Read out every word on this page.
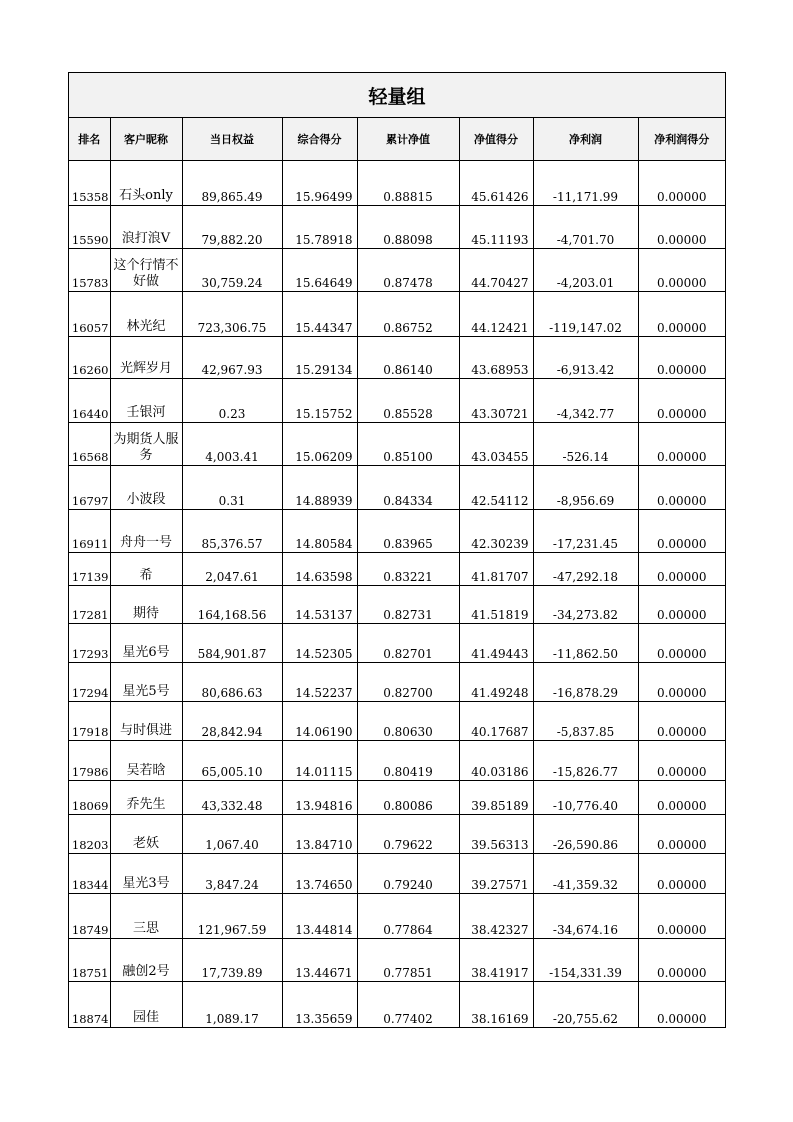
轻量组
排名	客户昵称	当日权益	综合得分	累计净值	净值得分	净利润	净利润得分
15358	石头only	89,865.49	15.96499	0.88815	45.61426	-11,171.99	0.00000
15590	浪打浪V	79,882.20	15.78918	0.88098	45.11193	-4,701.70	0.00000
15783	这个行情不好做	30,759.24	15.64649	0.87478	44.70427	-4,203.01	0.00000
16057	林光纪	723,306.75	15.44347	0.86752	44.12421	-119,147.02	0.00000
16260	光辉岁月	42,967.93	15.29134	0.86140	43.68953	-6,913.42	0.00000
16440	壬银河	0.23	15.15752	0.85528	43.30721	-4,342.77	0.00000
16568	为期货人服务	4,003.41	15.06209	0.85100	43.03455	-526.14	0.00000
16797	小波段	0.31	14.88939	0.84334	42.54112	-8,956.69	0.00000
16911	舟舟一号	85,376.57	14.80584	0.83965	42.30239	-17,231.45	0.00000
17139	希	2,047.61	14.63598	0.83221	41.81707	-47,292.18	0.00000
17281	期待	164,168.56	14.53137	0.82731	41.51819	-34,273.82	0.00000
17293	星光6号	584,901.87	14.52305	0.82701	41.49443	-11,862.50	0.00000
17294	星光5号	80,686.63	14.52237	0.82700	41.49248	-16,878.29	0.00000
17918	与时俱进	28,842.94	14.06190	0.80630	40.17687	-5,837.85	0.00000
17986	吴若晗	65,005.10	14.01115	0.80419	40.03186	-15,826.77	0.00000
18069	乔先生	43,332.48	13.94816	0.80086	39.85189	-10,776.40	0.00000
18203	老妖	1,067.40	13.84710	0.79622	39.56313	-26,590.86	0.00000
18344	星光3号	3,847.24	13.74650	0.79240	39.27571	-41,359.32	0.00000
18749	三思	121,967.59	13.44814	0.77864	38.42327	-34,674.16	0.00000
18751	融创2号	17,739.89	13.44671	0.77851	38.41917	-154,331.39	0.00000
18874	园佳	1,089.17	13.35659	0.77402	38.16169	-20,755.62	0.00000
